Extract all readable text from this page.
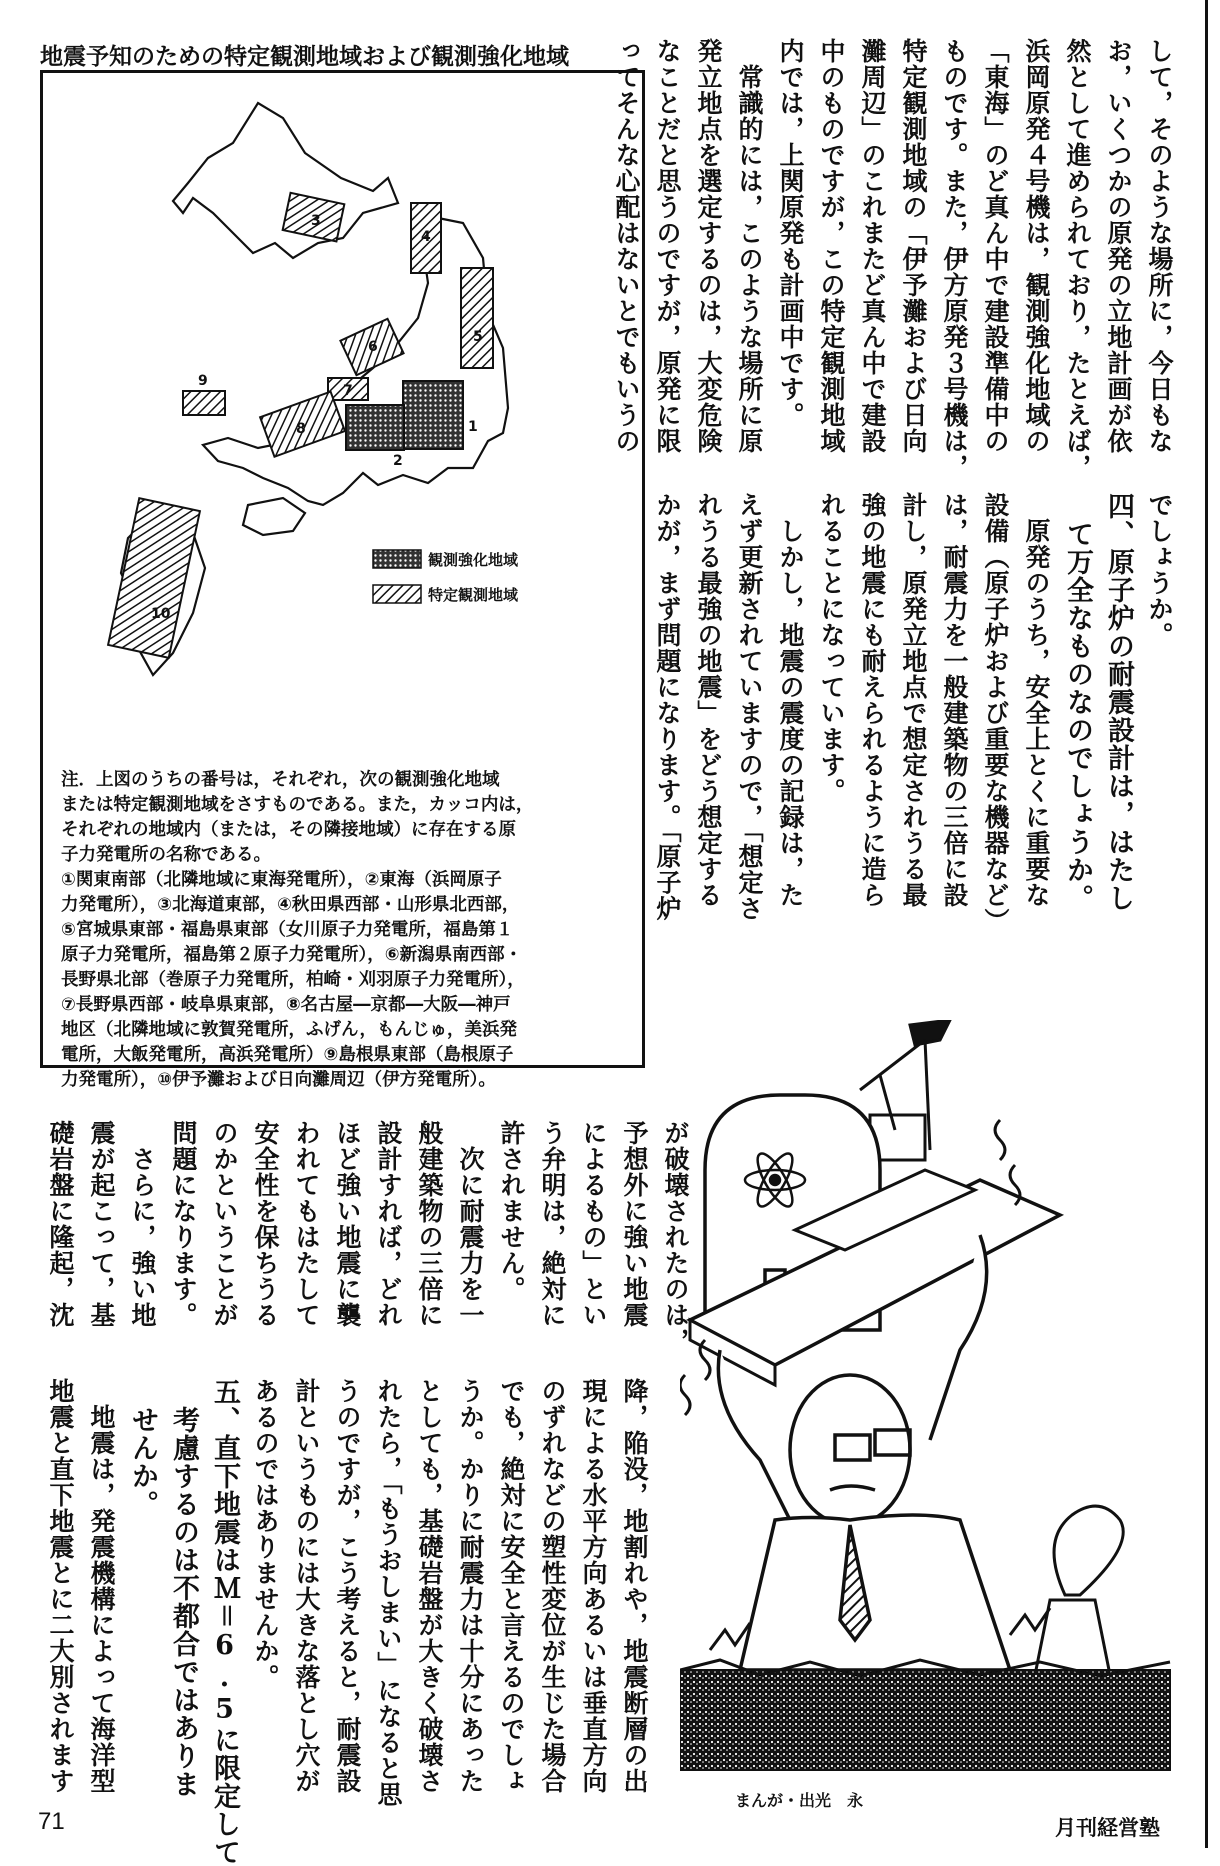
地震予知のための特定観測地域および観測強化地域
1
2
3
4
5
6
7
8
9
10
観測強化地域
特定観測地域

注．上図のうちの番号は，それぞれ，次の観測強化地域

または特定観測地域をさすものである。また，カッコ内は，

それぞれの地域内（または，その隣接地域）に存在する原

子力発電所の名称である。

①関東南部（北隣地域に東海発電所），②東海（浜岡原子

力発電所），③北海道東部，④秋田県西部・山形県北西部，

⑤宮城県東部・福島県東部（女川原子力発電所，福島第１

原子力発電所，福島第２原子力発電所），⑥新潟県南西部・

長野県北部（巻原子力発電所，柏崎・刈羽原子力発電所），

⑦長野県西部・岐阜県東部，⑧名古屋―京都―大阪―神戸

地区（北隣地域に敦賀発電所，ふげん，もんじゅ，美浜発

電所，大飯発電所，高浜発電所）⑨島根県東部（島根原子

力発電所），⑩伊予灘および日向灘周辺（伊方発電所）。

して，そのような場所に，今日もな

お，いくつかの原発の立地計画が依

然として進められており，たとえば，

浜岡原発４号機は，観測強化地域の

「東海」のど真ん中で建設準備中の

ものです。また，伊方原発３号機は，

特定観測地域の「伊予灘および日向

灘周辺」のこれまたど真ん中で建設

中のものですが，この特定観測地域

内では，上関原発も計画中です。

　常識的には，このような場所に原

発立地点を選定するのは，大変危険

なことだと思うのですが，原発に限

ってそんな心配はないとでもいうの

でしょうか。

四、原子炉の耐震設計は，はたし

　て万全なものなのでしょうか。

　原発のうち，安全上とくに重要な

設備（原子炉および重要な機器など）

は，耐震力を一般建築物の三倍に設

計し，原発立地点で想定されうる最

強の地震にも耐えられるように造ら

れることになっています。

　しかし，地震の震度の記録は，た

えず更新されていますので，「想定さ

れうる最強の地震」をどう想定する

かが，まず問題になります。「原子炉

が破壊されたのは，

予想外に強い地震

によるもの」とい

う弁明は，絶対に

許されません。

　次に耐震力を一

般建築物の三倍に

設計すれば，どれ

ほど強い地震に襲

われてもはたして

安全性を保ちうる

のかということが

問題になります。

　さらに，強い地

震が起こって，基

礎岩盤に隆起，沈

降，陥没，地割れや，地震断層の出

現による水平方向あるいは垂直方向

のずれなどの塑性変位が生じた場合

でも，絶対に安全と言えるのでしょ

うか。かりに耐震力は十分にあった

としても，基礎岩盤が大きく破壊さ

れたら，「もうおしまい」になると思

うのですが，こう考えると，耐震設

計というものには大きな落とし穴が

あるのではありませんか。

五、直下地震はＭ＝6.5に限定して

　考慮するのは不都合ではありま

　せんか。

　地震は，発震機構によって海洋型

地震と直下地震とに二大別されます

まんが・出光　永
71	月刊経営塾
